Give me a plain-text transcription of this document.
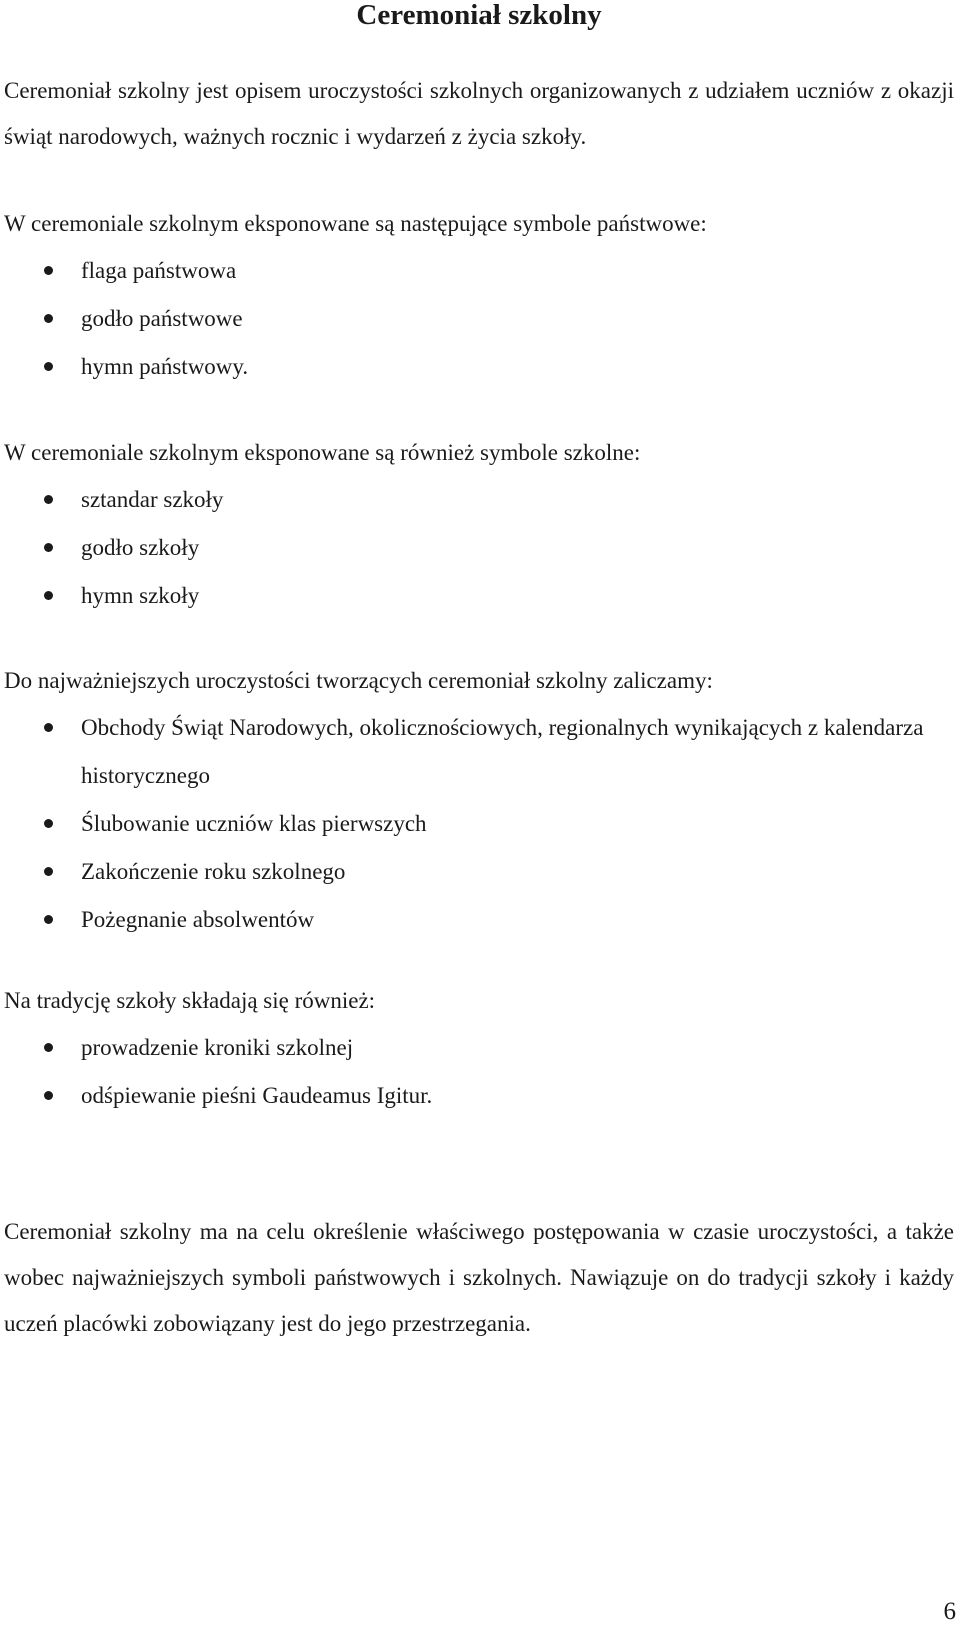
Ceremoniał szkolny

Ceremoniał szkolny jest opisem uroczystości szkolnych organizowanych z udziałem uczniów z okazji świąt narodowych, ważnych rocznic i wydarzeń z życia szkoły.

W ceremoniale szkolnym eksponowane są następujące symbole państwowe:

flaga państwowa
godło państwowe
hymn państwowy.

W ceremoniale szkolnym eksponowane są również symbole szkolne:

sztandar szkoły
godło szkoły
hymn szkoły

Do najważniejszych uroczystości tworzących ceremoniał szkolny zaliczamy:

Obchody Świąt Narodowych, okolicznościowych, regionalnych wynikających z kalendarza historycznego
Ślubowanie uczniów klas pierwszych
Zakończenie roku szkolnego
Pożegnanie absolwentów

Na tradycję szkoły składają się również:

prowadzenie kroniki szkolnej
odśpiewanie pieśni Gaudeamus Igitur.

Ceremoniał szkolny ma na celu określenie właściwego postępowania w czasie uroczystości, a także wobec najważniejszych symboli państwowych i szkolnych. Nawiązuje on do tradycji szkoły i każdy uczeń placówki zobowiązany jest do jego przestrzegania.

6
